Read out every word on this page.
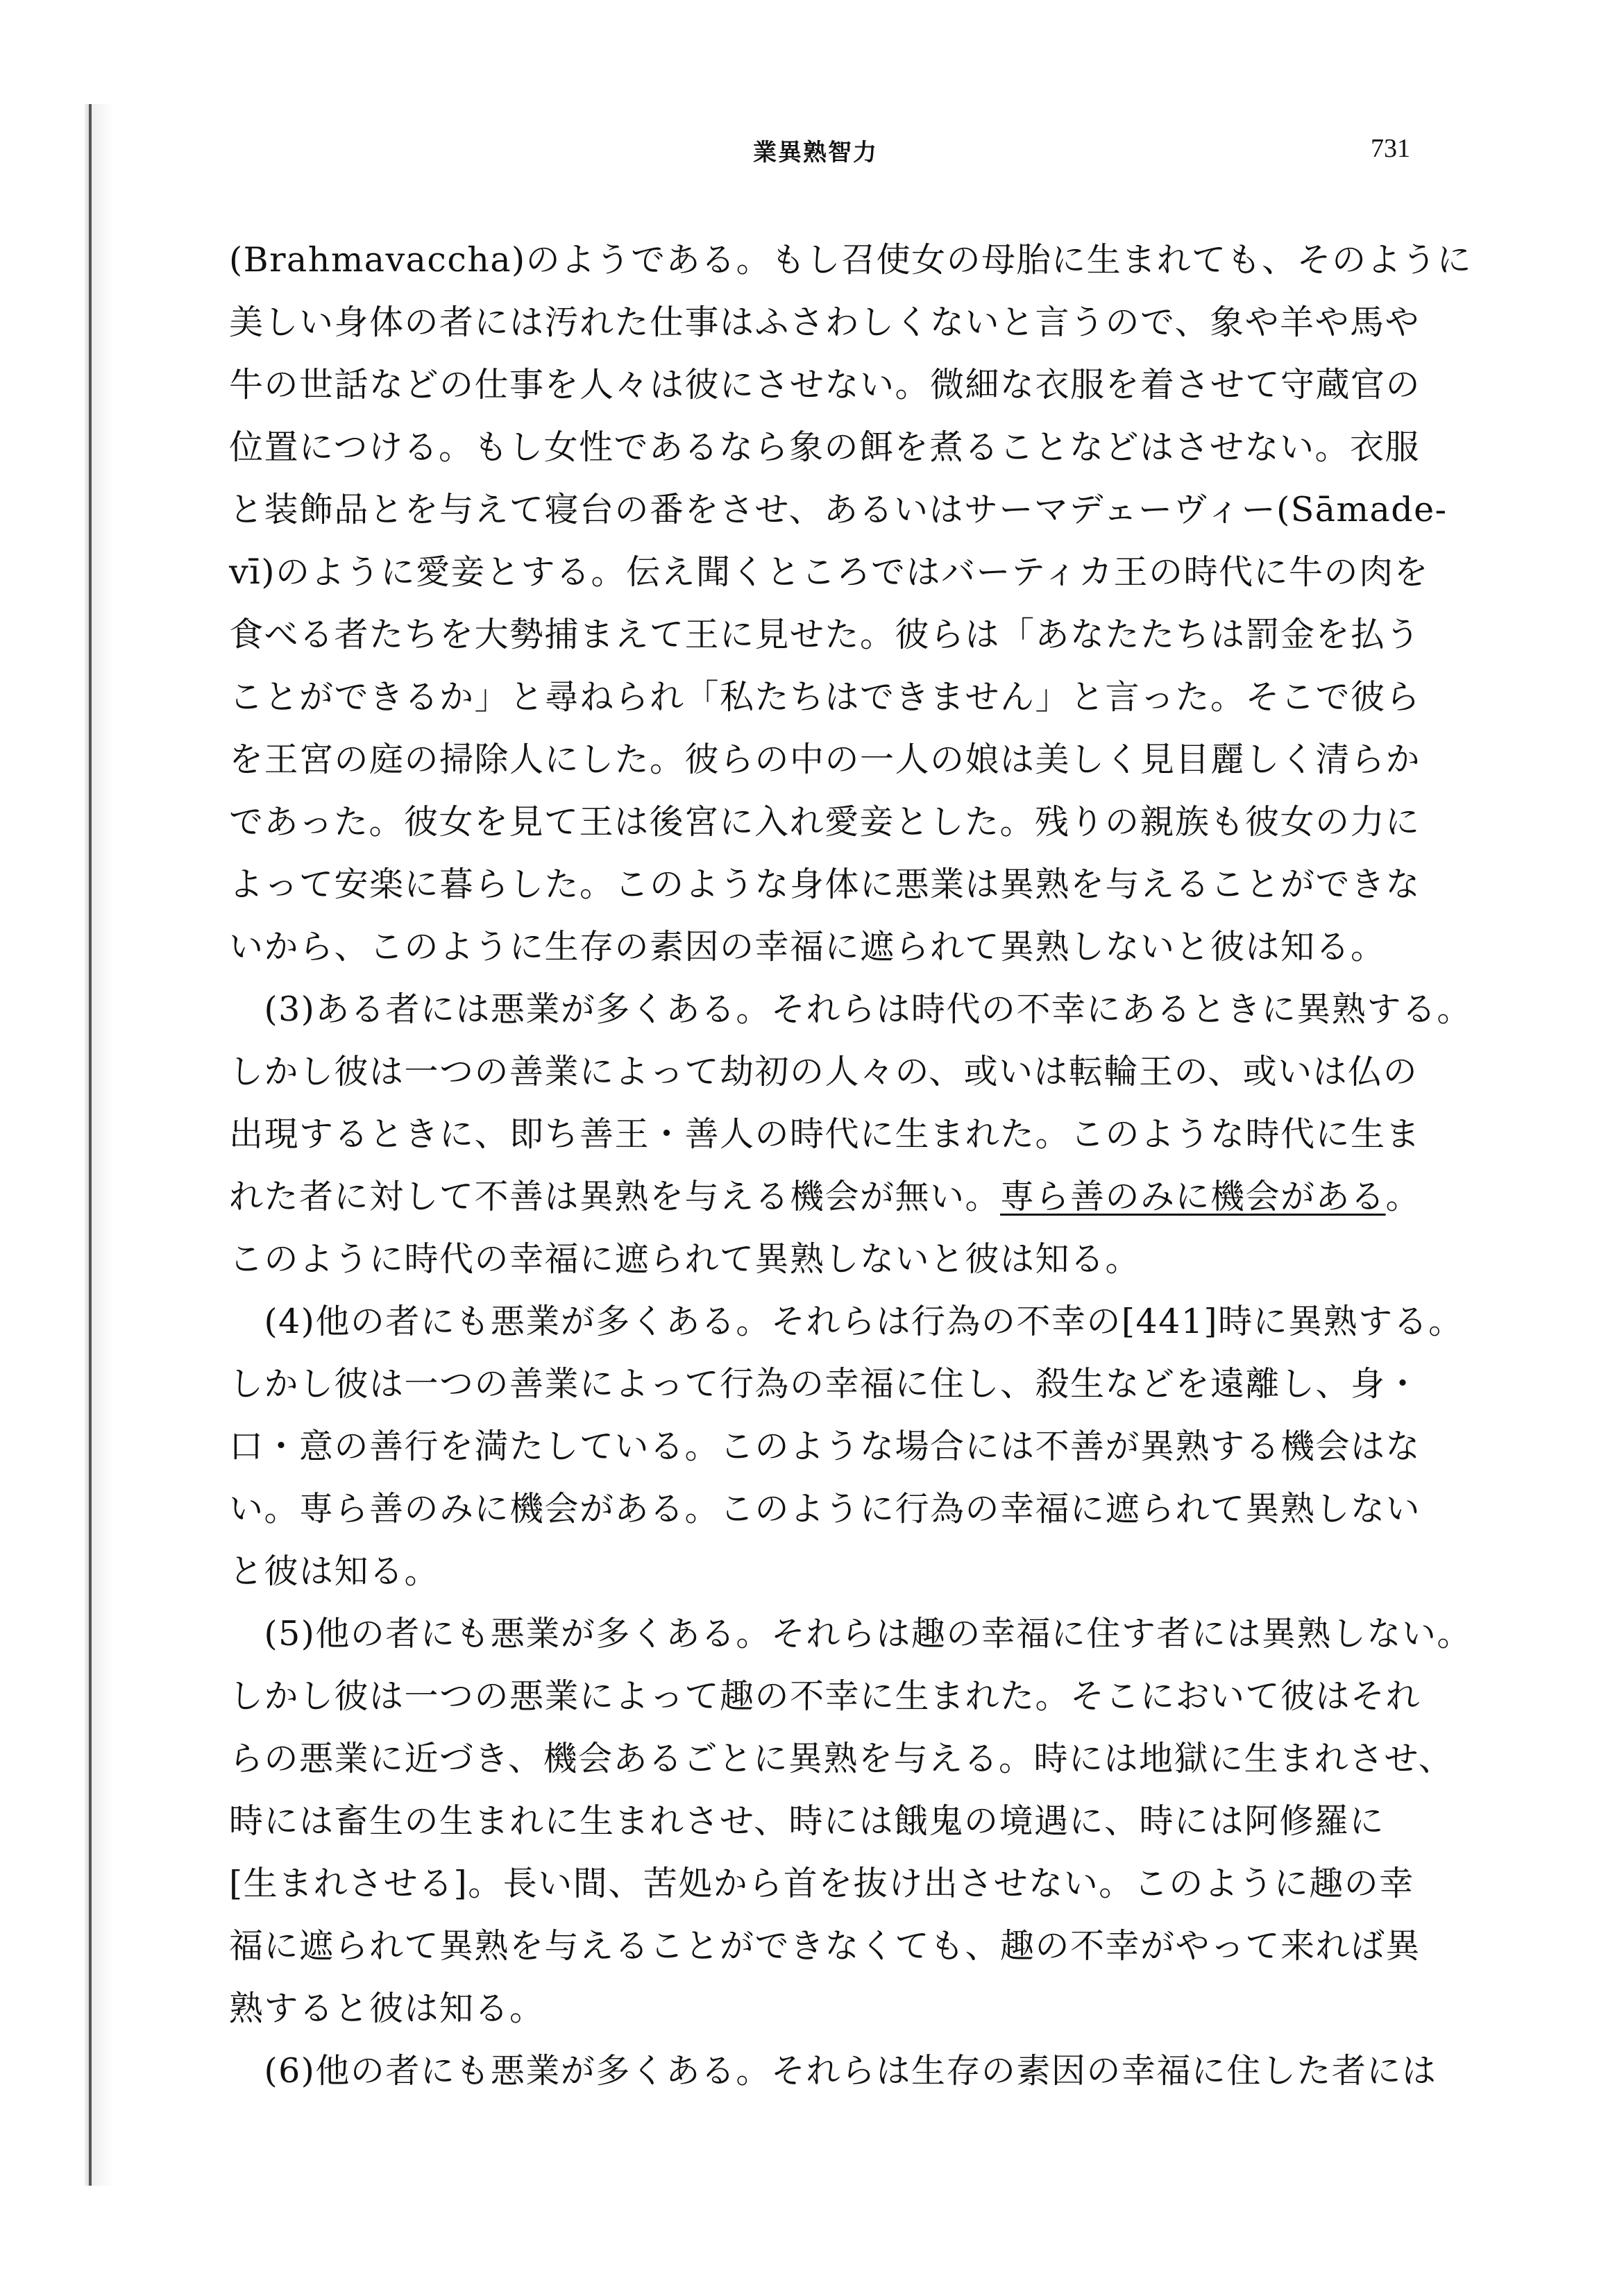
業異熟智力	731
(Brahmavaccha)のようである。もし召使女の母胎に生まれても、そのように
美しい身体の者には汚れた仕事はふさわしくないと言うので、象や羊や馬や
牛の世話などの仕事を人々は彼にさせない。微細な衣服を着させて守蔵官の
位置につける。もし女性であるなら象の餌を煮ることなどはさせない。衣服
と装飾品とを与えて寝台の番をさせ、あるいはサーマデェーヴィー(Sāmade-
vī)のように愛妾とする。伝え聞くところではバーティカ王の時代に牛の肉を
食べる者たちを大勢捕まえて王に見せた。彼らは「あなたたちは罰金を払う
ことができるか」と尋ねられ「私たちはできません」と言った。そこで彼ら
を王宮の庭の掃除人にした。彼らの中の一人の娘は美しく見目麗しく清らか
であった。彼女を見て王は後宮に入れ愛妾とした。残りの親族も彼女の力に
よって安楽に暮らした。このような身体に悪業は異熟を与えることができな
いから、このように生存の素因の幸福に遮られて異熟しないと彼は知る。
　(3)ある者には悪業が多くある。それらは時代の不幸にあるときに異熟する。
しかし彼は一つの善業によって劫初の人々の、或いは転輪王の、或いは仏の
出現するときに、即ち善王・善人の時代に生まれた。このような時代に生ま
れた者に対して不善は異熟を与える機会が無い。専ら善のみに機会がある。
このように時代の幸福に遮られて異熟しないと彼は知る。
　(4)他の者にも悪業が多くある。それらは行為の不幸の[441]時に異熟する。
しかし彼は一つの善業によって行為の幸福に住し、殺生などを遠離し、身・
口・意の善行を満たしている。このような場合には不善が異熟する機会はな
い。専ら善のみに機会がある。このように行為の幸福に遮られて異熟しない
と彼は知る。
　(5)他の者にも悪業が多くある。それらは趣の幸福に住す者には異熟しない。
しかし彼は一つの悪業によって趣の不幸に生まれた。そこにおいて彼はそれ
らの悪業に近づき、機会あるごとに異熟を与える。時には地獄に生まれさせ、
時には畜生の生まれに生まれさせ、時には餓鬼の境遇に、時には阿修羅に
[生まれさせる]。長い間、苦処から首を抜け出させない。このように趣の幸
福に遮られて異熟を与えることができなくても、趣の不幸がやって来れば異
熟すると彼は知る。
　(6)他の者にも悪業が多くある。それらは生存の素因の幸福に住した者には
